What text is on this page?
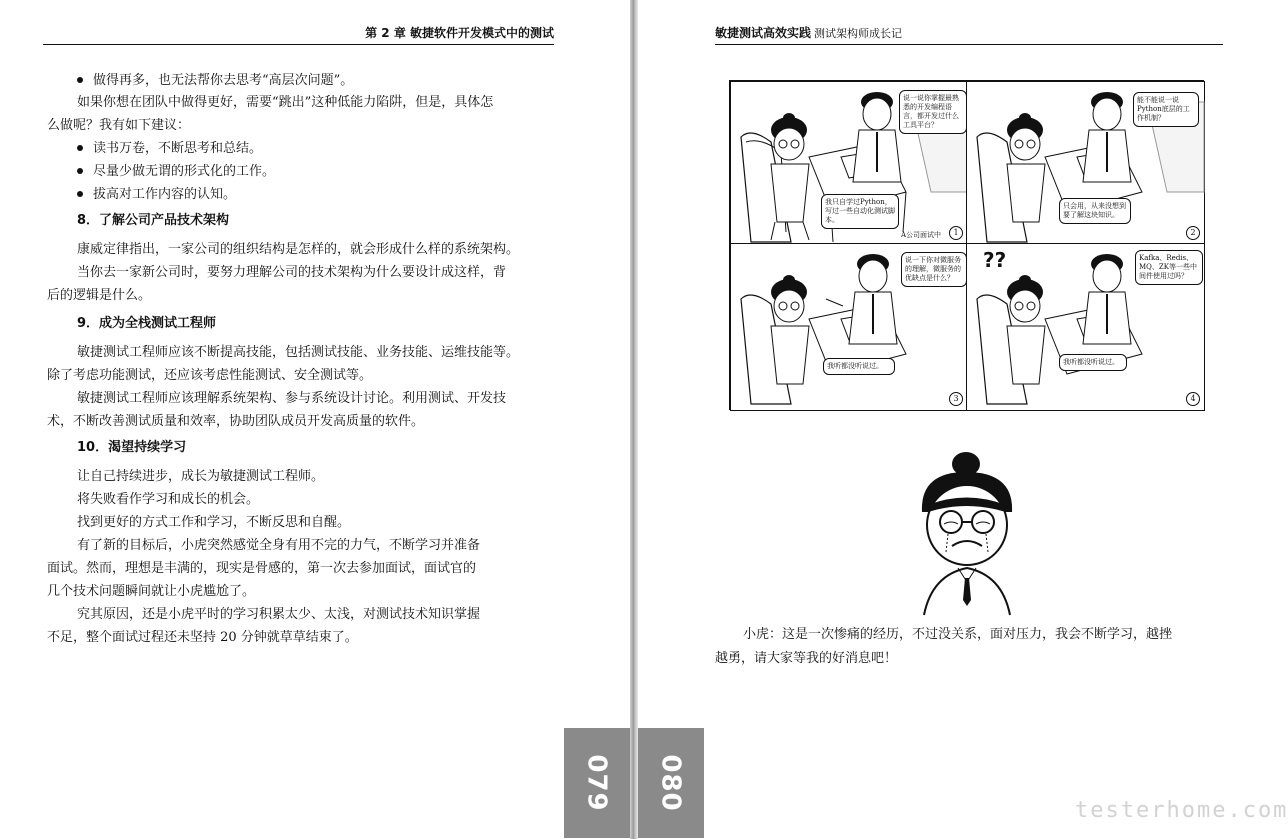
第 2 章 敏捷软件开发模式中的测试
做得再多，也无法帮你去思考“高层次问题”。
如果你想在团队中做得更好，需要“跳出”这种低能力陷阱，但是，具体怎
么做呢？我有如下建议：
读书万卷，不断思考和总结。
尽量少做无谓的形式化的工作。
拔高对工作内容的认知。
8．了解公司产品技术架构
康威定律指出，一家公司的组织结构是怎样的，就会形成什么样的系统架构。
当你去一家新公司时，要努力理解公司的技术架构为什么要设计成这样，背
后的逻辑是什么。
9．成为全栈测试工程师
敏捷测试工程师应该不断提高技能，包括测试技能、业务技能、运维技能等。
除了考虑功能测试，还应该考虑性能测试、安全测试等。
敏捷测试工程师应该理解系统架构、参与系统设计讨论。利用测试、开发技
术，不断改善测试质量和效率，协助团队成员开发高质量的软件。
10．渴望持续学习
让自己持续进步，成长为敏捷测试工程师。
将失败看作学习和成长的机会。
找到更好的方式工作和学习，不断反思和自醒。
有了新的目标后，小虎突然感觉全身有用不完的力气，不断学习并准备
面试。然而，理想是丰满的，现实是骨感的，第一次去参加面试，面试官的
几个技术问题瞬间就让小虎尴尬了。
究其原因，还是小虎平时的学习积累太少、太浅，对测试技术知识掌握
不足，整个面试过程还未坚持 20 分钟就草草结束了。
敏捷测试高效实践 测试架构师成长记
说一说你掌握最熟悉的开发编程语言，都开发过什么工具平台？
我只自学过Python，写过一些自动化测试脚本。
A公司面试中	1
能不能说一说Python底层的工作机制？
只会用，从来没想到要了解这块知识。
2
说一下你对微服务的理解，微服务的优缺点是什么？
我听都没听说过。
3
??	Kafka、Redis、MQ、ZK等一些中间件使用过吗？
我听都没听说过。
4
小虎：这是一次惨痛的经历，不过没关系，面对压力，我会不断学习，越挫
越勇，请大家等我的好消息吧！
079 080	testerhome.com
